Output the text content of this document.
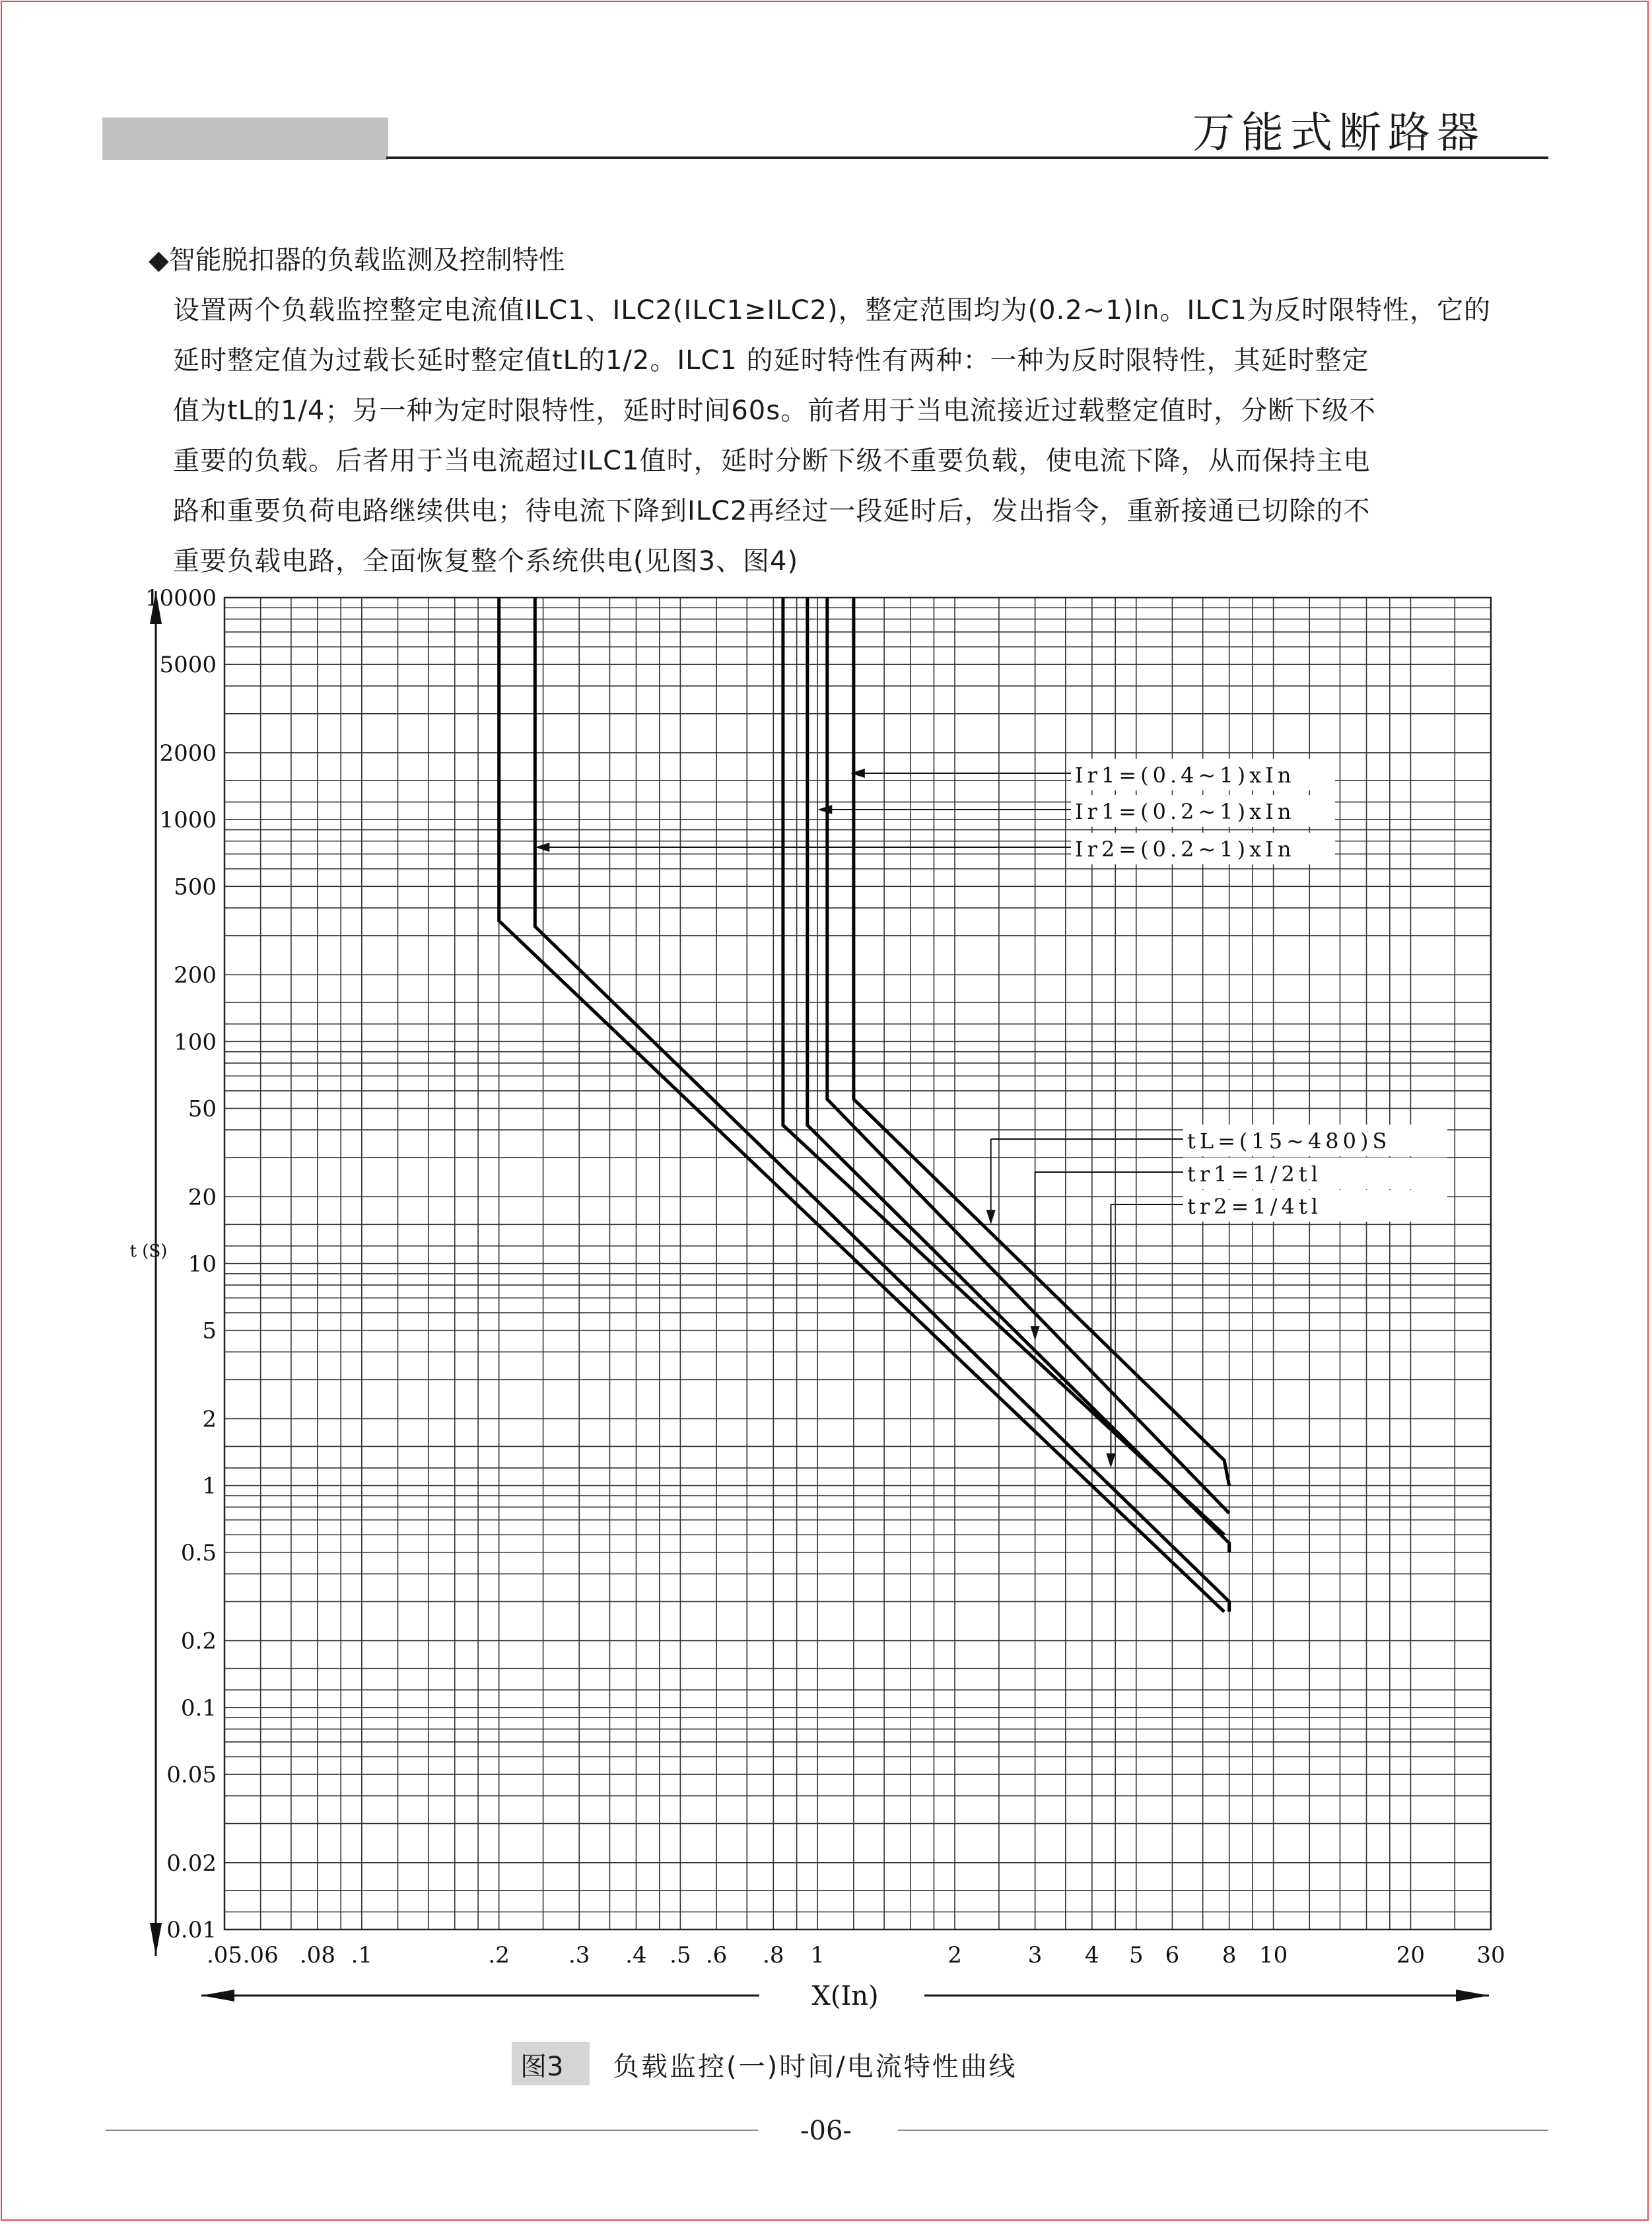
万能式断路器
◆智能脱扣器的负载监测及控制特性
设置两个负载监控整定电流值ILC1、ILC2(ILC1≥ILC2)，整定范围均为(0.2~1)In。ILC1为反时限特性，它的
延时整定值为过载长延时整定值tL的1/2。ILC1 的延时特性有两种：一种为反时限特性，其延时整定
值为tL的1/4；另一种为定时限特性，延时时间60s。前者用于当电流接近过载整定值时，分断下级不
重要的负载。后者用于当电流超过ILC1值时，延时分断下级不重要负载，使电流下降，从而保持主电
路和重要负荷电路继续供电；待电流下降到ILC2再经过一段延时后，发出指令，重新接通已切除的不
重要负载电路，全面恢复整个系统供电(见图3、图4)
10000
5000
2000
1000
500
200
100
50
20
10
5
2
1
0.5
0.2
0.1
0.05
0.02
0.01
.05 .06 .08 .1	.2	.3 .4 .5 .6 .8 1	2	3 4 5 6 8 10	20 30
t (S)
X(In)
Ir1=(0.4~1)xIn
Ir1=(0.2~1)xIn
Ir2=(0.2~1)xIn
tL=(15~480)S
tr1=1/2tl
tr2=1/4tl
图3 负载监控(一)时间/电流特性曲线
-06-
